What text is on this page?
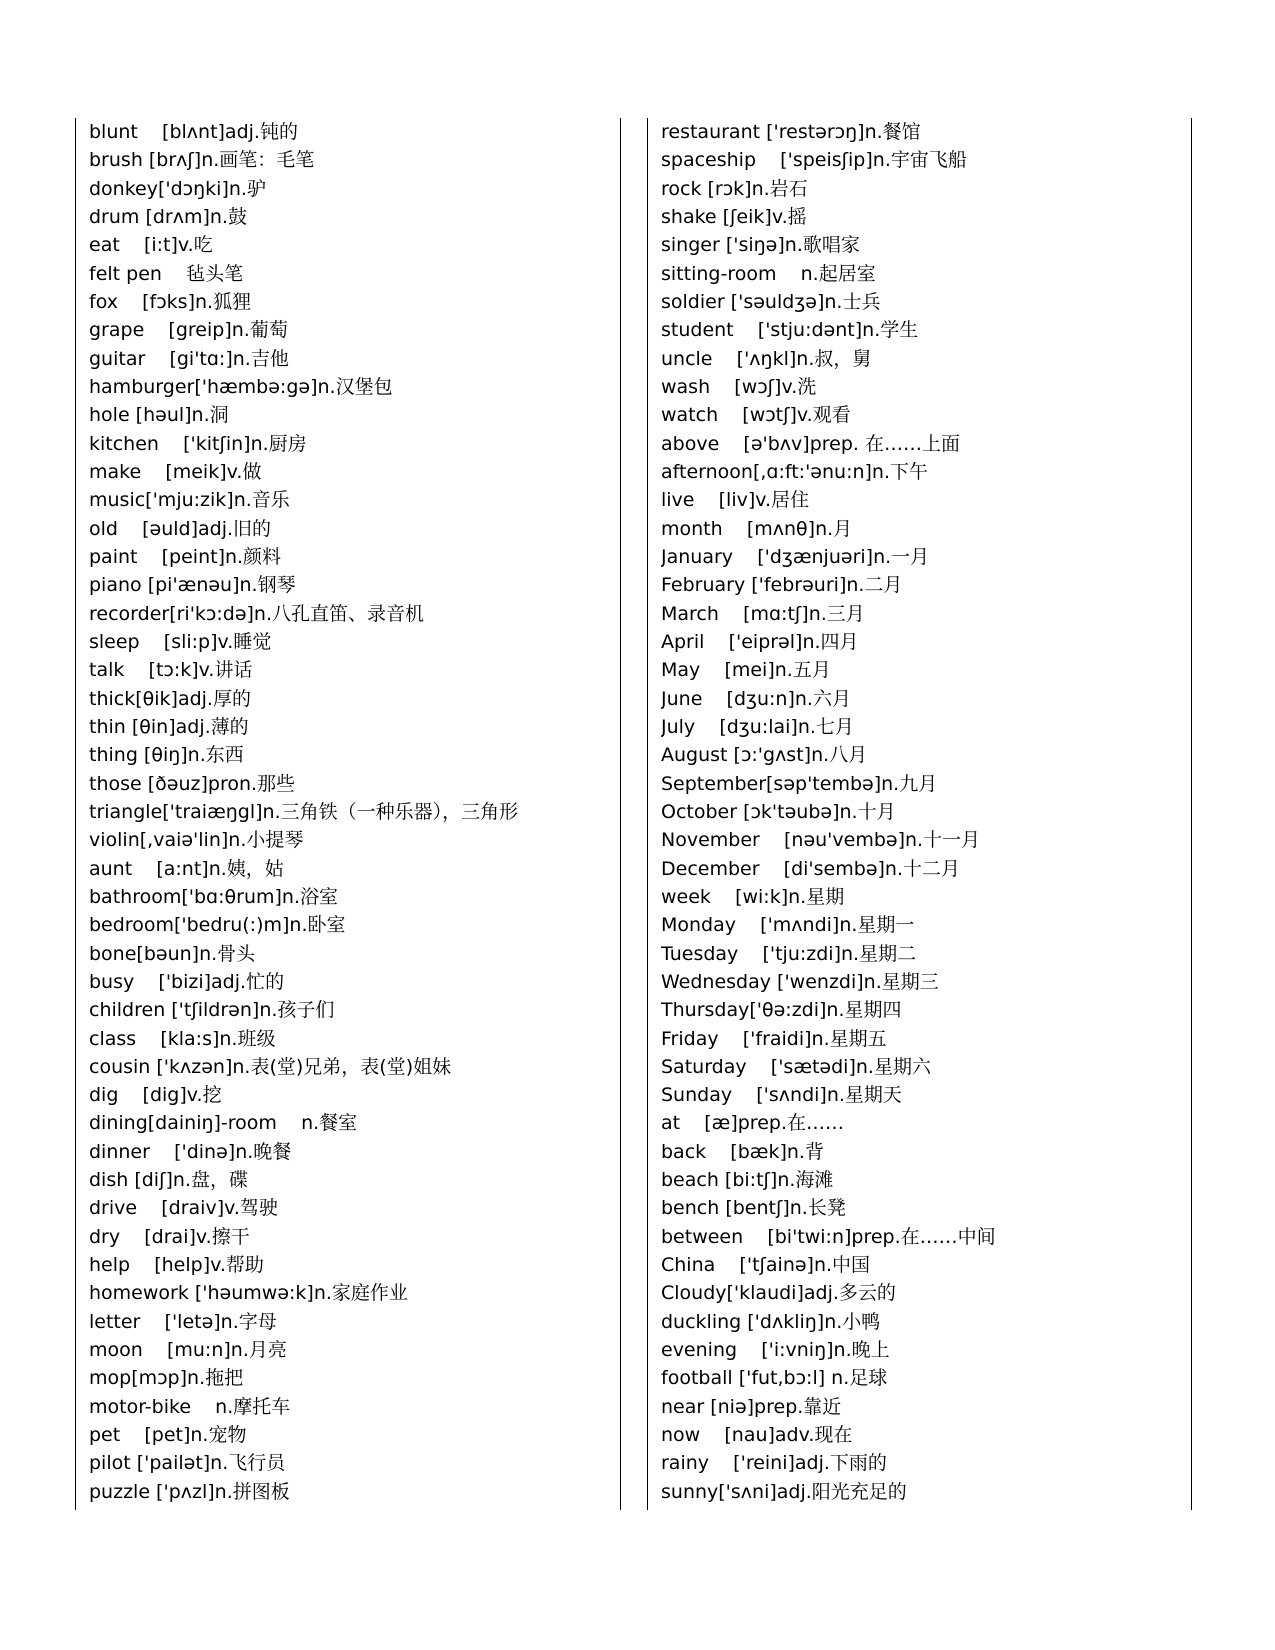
blunt    [blʌnt]adj.钝的
brush [brʌʃ]n.画笔：毛笔
donkey['dɔŋki]n.驴
drum [drʌm]n.鼓
eat    [i:t]v.吃
felt pen    毡头笔
fox    [fɔks]n.狐狸
grape    [greip]n.葡萄
guitar    [gi'tɑ:]n.吉他
hamburger['hæmbə:gə]n.汉堡包
hole [həul]n.洞
kitchen    ['kitʃin]n.厨房
make    [meik]v.做
music['mju:zik]n.音乐
old    [əuld]adj.旧的
paint    [peint]n.颜料
piano [pi'ænəu]n.钢琴
recorder[ri'kɔ:də]n.八孔直笛、录音机
sleep    [sli:p]v.睡觉
talk    [tɔ:k]v.讲话
thick[θik]adj.厚的
thin [θin]adj.薄的
thing [θiŋ]n.东西
those [ðəuz]pron.那些
triangle['traiæŋgl]n.三角铁（一种乐器），三角形
violin[,vaiə'lin]n.小提琴
aunt    [a:nt]n.姨，姑
bathroom['bɑ:θrum]n.浴室
bedroom['bedru(:)m]n.卧室
bone[bəun]n.骨头
busy    ['bizi]adj.忙的
children ['tʃildrən]n.孩子们
class    [kla:s]n.班级
cousin ['kʌzən]n.表(堂)兄弟，表(堂)姐妹
dig    [dig]v.挖
dining[dainiŋ]-room    n.餐室
dinner    ['dinə]n.晚餐
dish [diʃ]n.盘，碟
drive    [draiv]v.驾驶
dry    [drai]v.擦干
help    [help]v.帮助
homework ['həumwə:k]n.家庭作业
letter    ['letə]n.字母
moon    [mu:n]n.月亮
mop[mɔp]n.拖把
motor-bike    n.摩托车
pet    [pet]n.宠物
pilot ['pailət]n.飞行员
puzzle ['pʌzl]n.拼图板
restaurant ['restərɔŋ]n.餐馆
spaceship    ['speisʃip]n.宇宙飞船
rock [rɔk]n.岩石
shake [ʃeik]v.摇
singer ['siŋə]n.歌唱家
sitting-room    n.起居室
soldier ['səuldʒə]n.士兵
student    ['stju:dənt]n.学生
uncle    ['ʌŋkl]n.叔，舅
wash    [wɔʃ]v.洗
watch    [wɔtʃ]v.观看
above    [ə'bʌv]prep. 在……上面
afternoon[,ɑ:ft:'ənu:n]n.下午
live    [liv]v.居住
month    [mʌnθ]n.月
January    ['dʒænjuəri]n.一月
February ['febrəuri]n.二月
March    [mɑ:tʃ]n.三月
April    ['eiprəl]n.四月
May    [mei]n.五月
June    [dʒu:n]n.六月
July    [dʒu:lai]n.七月
August [ɔ:'gʌst]n.八月
September[səp'tembə]n.九月
October [ɔk'təubə]n.十月
November    [nəu'vembə]n.十一月
December    [di'sembə]n.十二月
week    [wi:k]n.星期
Monday    ['mʌndi]n.星期一
Tuesday    ['tju:zdi]n.星期二
Wednesday ['wenzdi]n.星期三
Thursday['θə:zdi]n.星期四
Friday    ['fraidi]n.星期五
Saturday    ['sætədi]n.星期六
Sunday    ['sʌndi]n.星期天
at    [æ]prep.在……
back    [bæk]n.背
beach [bi:tʃ]n.海滩
bench [bentʃ]n.长凳
between    [bi'twi:n]prep.在……中间
China    ['tʃainə]n.中国
Cloudy['klaudi]adj.多云的
duckling ['dʌkliŋ]n.小鸭
evening    ['i:vniŋ]n.晚上
football ['fut,bɔ:l] n.足球
near [niə]prep.靠近
now    [nau]adv.现在
rainy    ['reini]adj.下雨的
sunny['sʌni]adj.阳光充足的
